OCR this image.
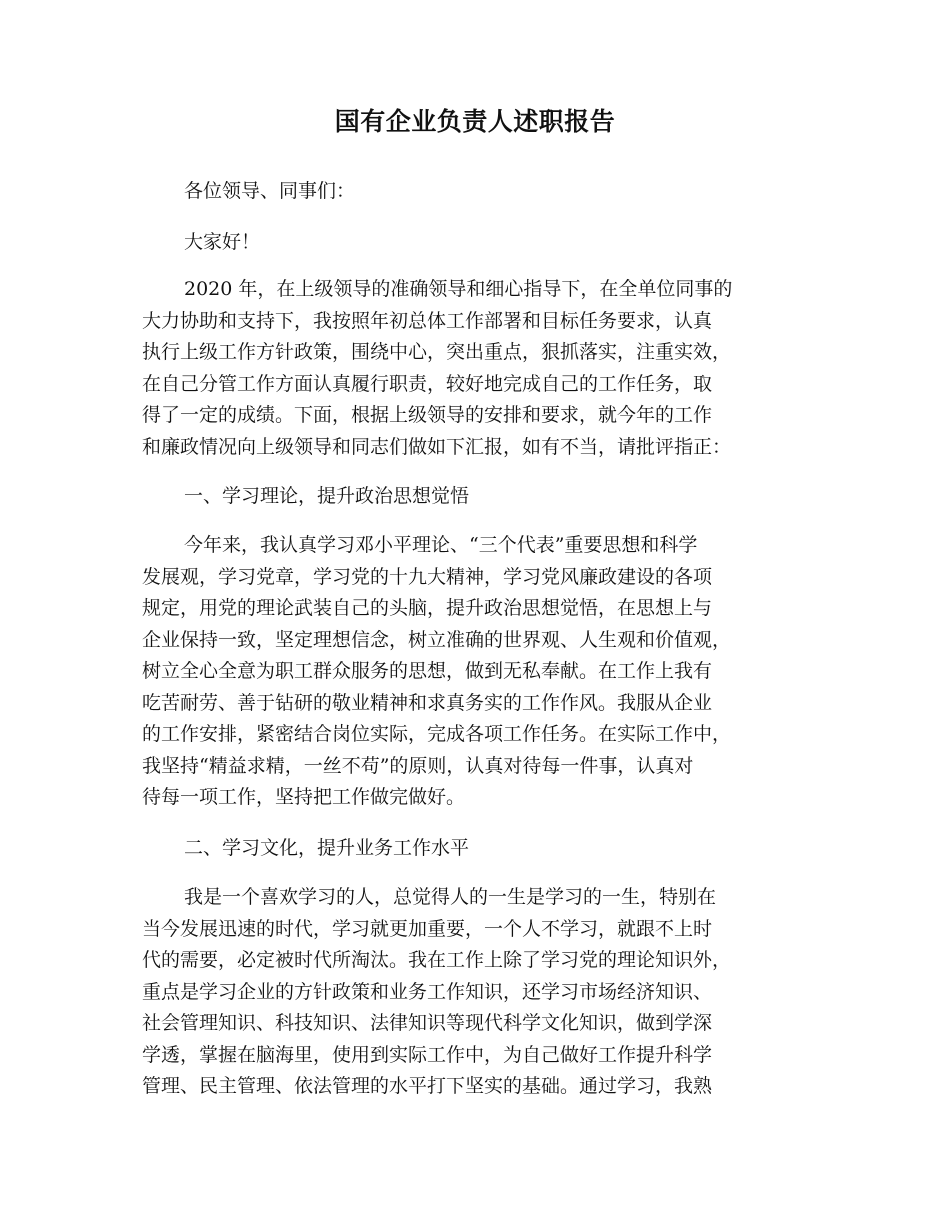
国有企业负责人述职报告

各位领导、同事们：

大家好！

2020 年，在上级领导的准确领导和细心指导下，在全单位同事的
大力协助和支持下，我按照年初总体工作部署和目标任务要求，认真
执行上级工作方针政策，围绕中心，突出重点，狠抓落实，注重实效，
在自己分管工作方面认真履行职责，较好地完成自己的工作任务，取
得了一定的成绩。下面，根据上级领导的安排和要求，就今年的工作
和廉政情况向上级领导和同志们做如下汇报，如有不当，请批评指正：

一、学习理论，提升政治思想觉悟

今年来，我认真学习邓小平理论、“三个代表”重要思想和科学
发展观，学习党章，学习党的十九大精神，学习党风廉政建设的各项
规定，用党的理论武装自己的头脑，提升政治思想觉悟，在思想上与
企业保持一致，坚定理想信念，树立准确的世界观、人生观和价值观，
树立全心全意为职工群众服务的思想，做到无私奉献。在工作上我有
吃苦耐劳、善于钻研的敬业精神和求真务实的工作作风。我服从企业
的工作安排，紧密结合岗位实际，完成各项工作任务。在实际工作中，
我坚持“精益求精，一丝不苟”的原则，认真对待每一件事，认真对
待每一项工作，坚持把工作做完做好。

二、学习文化，提升业务工作水平

我是一个喜欢学习的人，总觉得人的一生是学习的一生，特别在
当今发展迅速的时代，学习就更加重要，一个人不学习，就跟不上时
代的需要，必定被时代所淘汰。我在工作上除了学习党的理论知识外，
重点是学习企业的方针政策和业务工作知识，还学习市场经济知识、
社会管理知识、科技知识、法律知识等现代科学文化知识，做到学深
学透，掌握在脑海里，使用到实际工作中，为自己做好工作提升科学
管理、民主管理、依法管理的水平打下坚实的基础。通过学习，我熟
